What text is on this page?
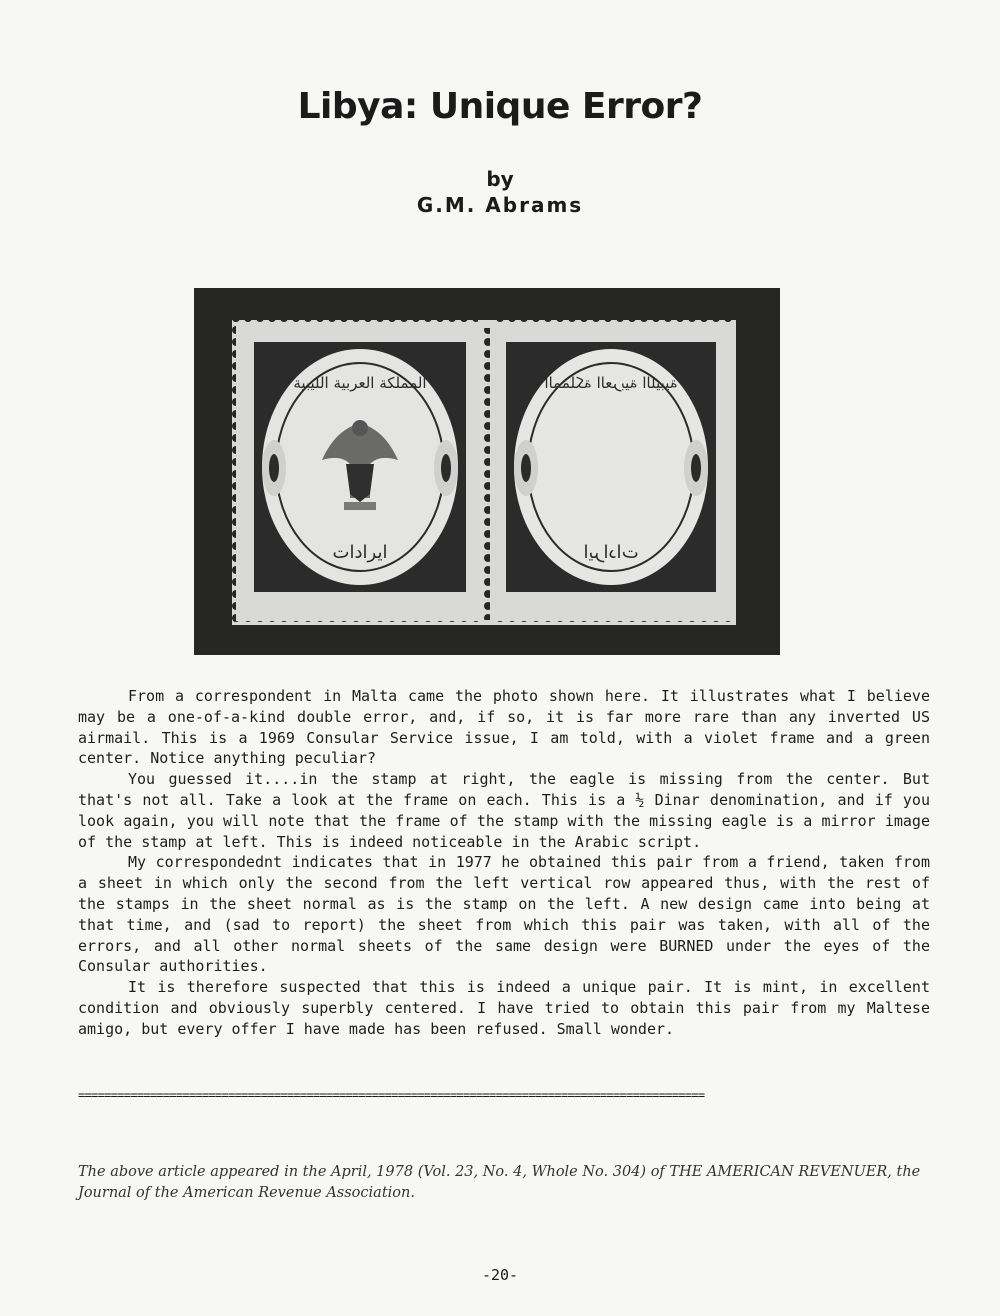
Libya: Unique Error?
by
G.M. Abrams
المملكة العربية الليبية
ايرادات
المملكة العربية الليبية
ايرادات

From a correspondent in Malta came the photo shown here. It illustrates what I believe may be a one-of-a-kind double error, and, if so, it is far more rare than any inverted US airmail. This is a 1969 Consular Service issue, I am told, with a violet frame and a green center. Notice anything peculiar?

You guessed it....in the stamp at right, the eagle is missing from the center. But that's not all. Take a look at the frame on each. This is a ½ Dinar denomination, and if you look again, you will note that the frame of the stamp with the missing eagle is a mirror image of the stamp at left. This is indeed noticeable in the Arabic script.

My correspondednt indicates that in 1977 he obtained this pair from a friend, taken from a sheet in which only the second from the left vertical row appeared thus, with the rest of the stamps in the sheet normal as is the stamp on the left. A new design came into being at that time, and (sad to report) the sheet from which this pair was taken, with all of the errors, and all other normal sheets of the same design were BURNED under the eyes of the Consular authorities.

It is therefore suspected that this is indeed a unique pair. It is mint, in excellent condition and obviously superbly centered. I have tried to obtain this pair from my Maltese amigo, but every offer I have made has been refused. Small wonder.

================================================================================================
The above article appeared in the April, 1978 (Vol. 23, No. 4, Whole No. 304) of THE AMERICAN REVENUER, the Journal of the American Revenue Association.
-20-
